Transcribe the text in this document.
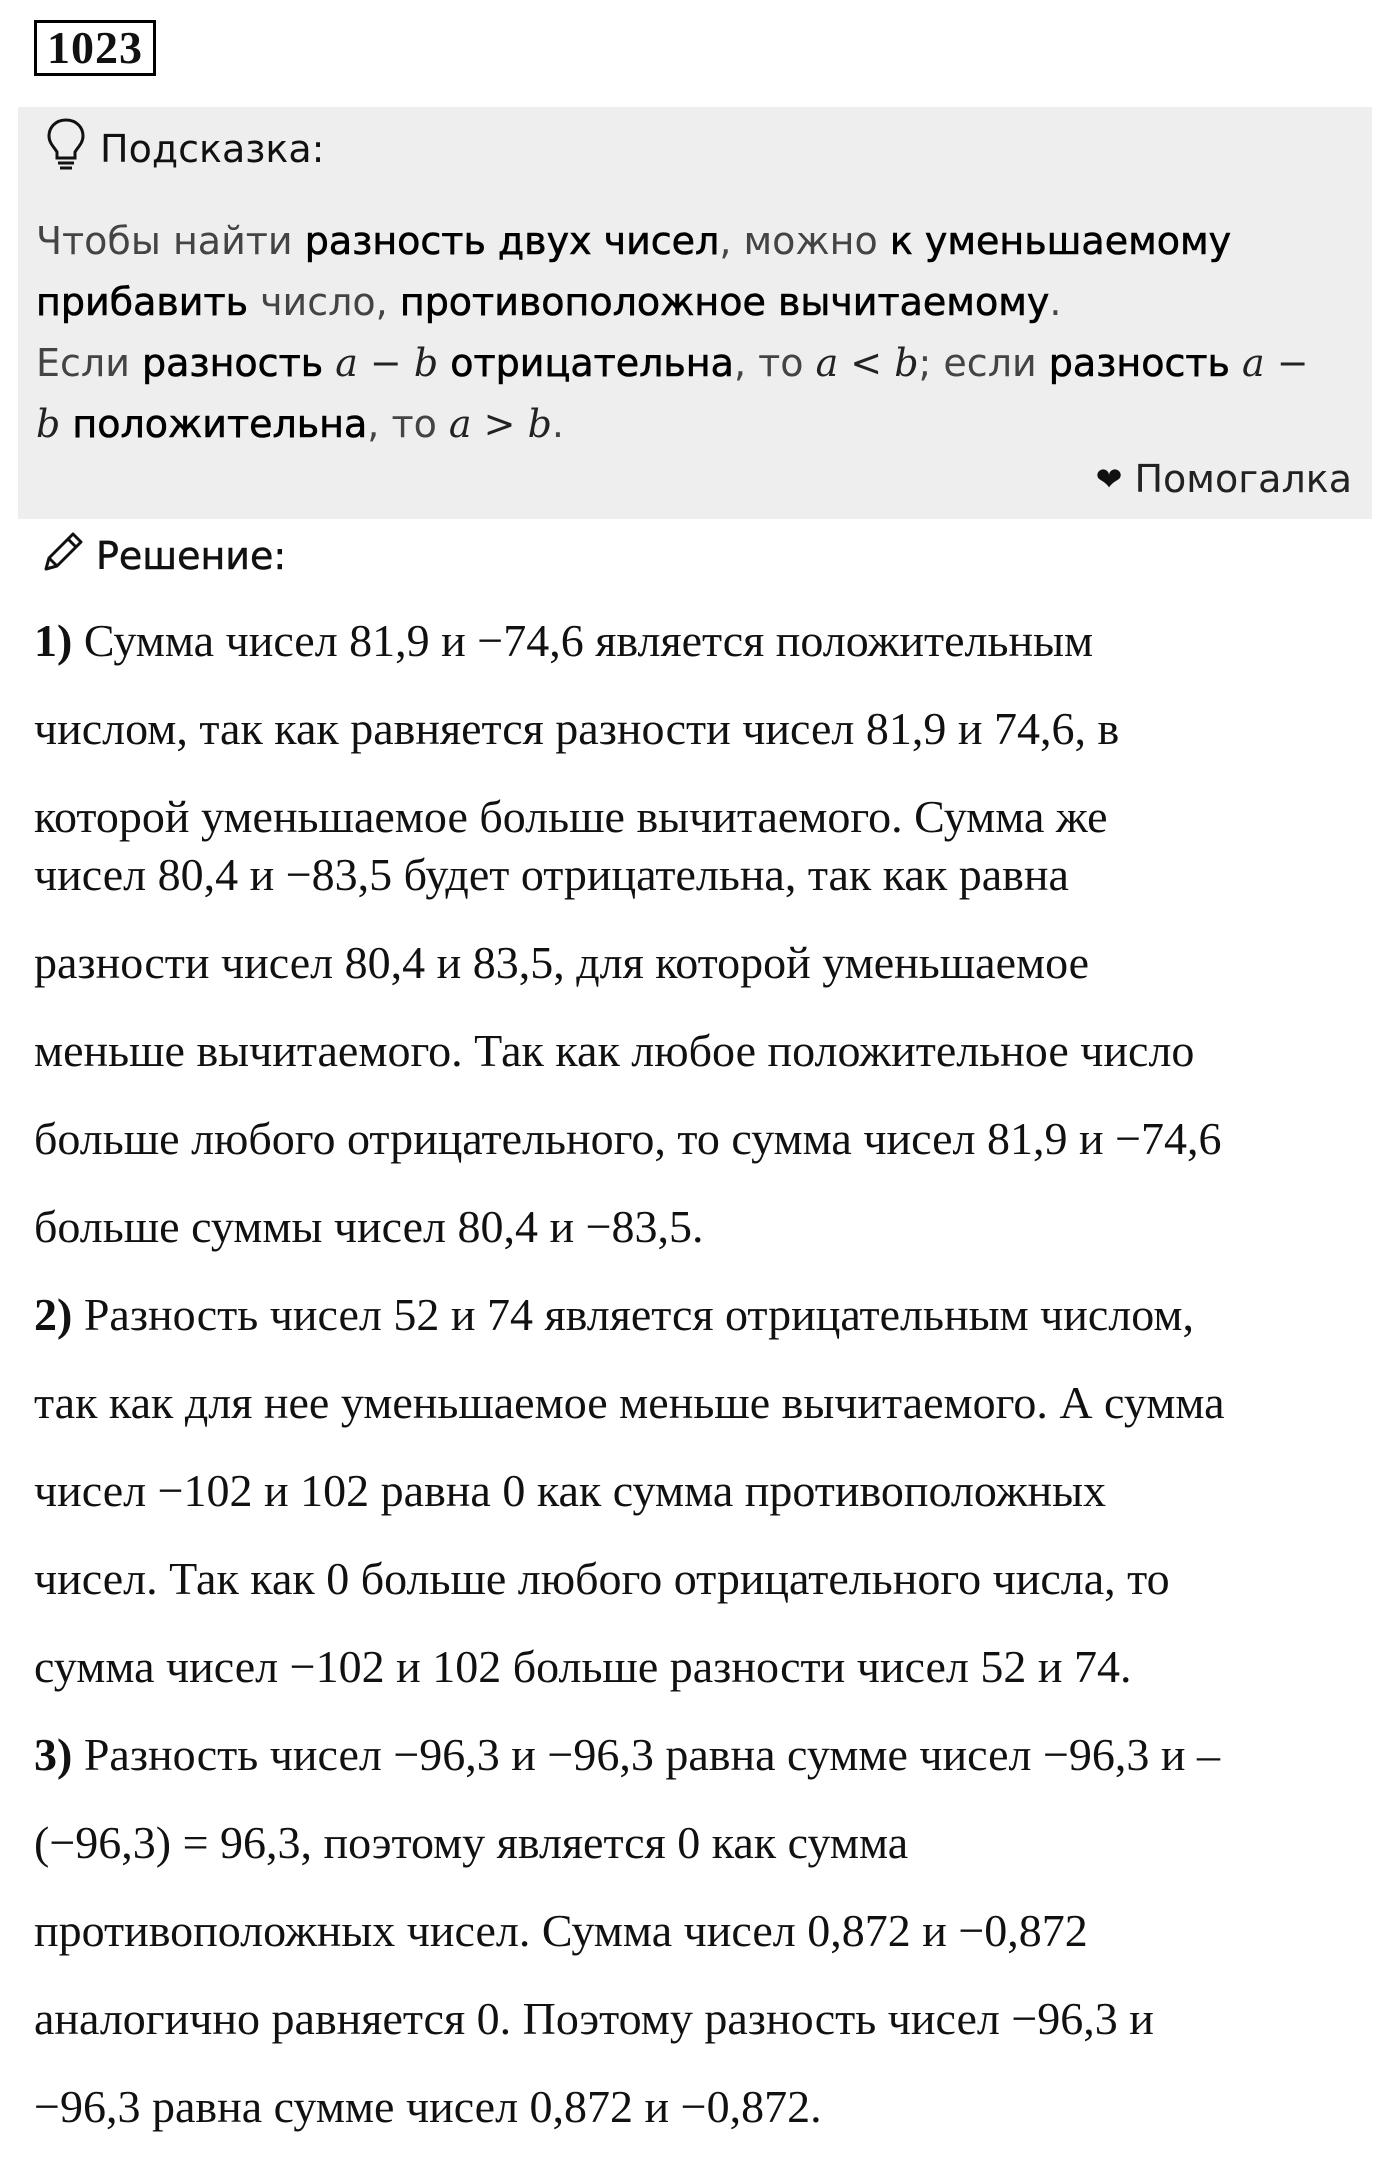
1023
Подсказка:
Чтобы найти разность двух чисел, можно к уменьшаемому
прибавить число, противоположное вычитаемому.
Если разность a − b отрицательна, то a < b; если разность a −
b положительна, то a > b.
❤ Помогалка
Решение:
1) Сумма чисел 81,9 и −74,6 является положительным
числом, так как равняется разности чисел 81,9 и 74,6, в
которой уменьшаемое больше вычитаемого. Сумма же
чисел 80,4 и −83,5 будет отрицательна, так как равна
разности чисел 80,4 и 83,5, для которой уменьшаемое
меньше вычитаемого. Так как любое положительное число
больше любого отрицательного, то сумма чисел 81,9 и −74,6
больше суммы чисел 80,4 и −83,5.
2) Разность чисел 52 и 74 является отрицательным числом,
так как для нее уменьшаемое меньше вычитаемого. А сумма
чисел −102 и 102 равна 0 как сумма противоположных
чисел. Так как 0 больше любого отрицательного числа, то
сумма чисел −102 и 102 больше разности чисел 52 и 74.
3) Разность чисел −96,3 и −96,3 равна сумме чисел −96,3 и –
(−96,3) = 96,3, поэтому является 0 как сумма
противоположных чисел. Сумма чисел 0,872 и −0,872
аналогично равняется 0. Поэтому разность чисел −96,3 и
−96,3 равна сумме чисел 0,872 и −0,872.
